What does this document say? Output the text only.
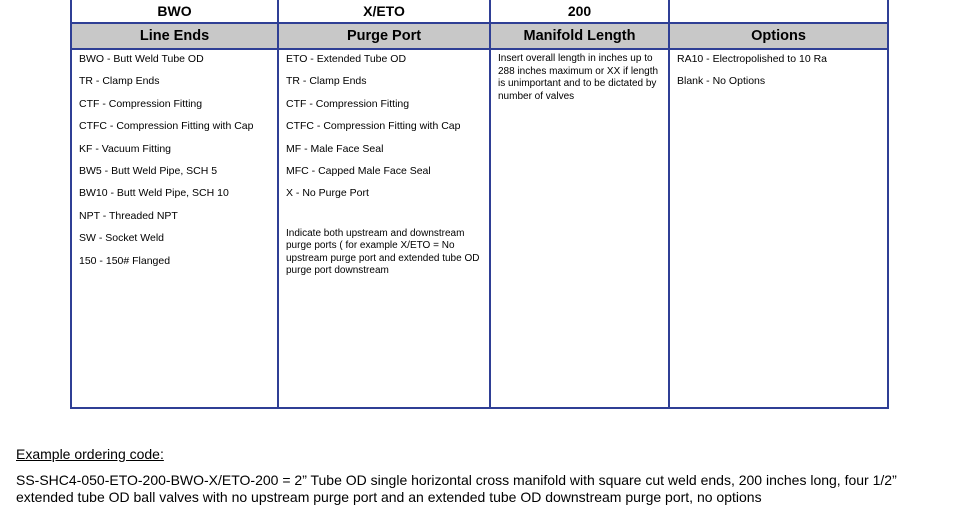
BWO
Line Ends
BWO - Butt Weld Tube OD
TR - Clamp Ends
CTF - Compression Fitting
CTFC - Compression Fitting with Cap
KF - Vacuum Fitting
BW5 - Butt Weld Pipe, SCH 5
BW10 - Butt Weld Pipe, SCH 10
NPT - Threaded NPT
SW - Socket Weld
150 - 150# Flanged
X/ETO
Purge Port
ETO - Extended Tube OD
TR - Clamp Ends
CTF - Compression Fitting
CTFC - Compression Fitting with Cap
MF - Male Face Seal
MFC - Capped Male Face Seal
X - No Purge Port
Indicate both upstream and downstream purge ports ( for example X/ETO = No upstream purge port and extended tube OD purge port downstream
200
Manifold Length
Insert overall length in inches up to 288 inches maximum or XX if length is unimportant and to be dictated by number of valves
Options
RA10 - Electropolished to 10 Ra
Blank - No Options
Example ordering code:
SS-SHC4-050-ETO-200-BWO-X/ETO-200 = 2” Tube OD single horizontal cross manifold with square cut weld ends, 200 inches long, four 1/2” extended tube OD ball valves with no upstream purge port and an extended tube OD downstream purge port, no options
